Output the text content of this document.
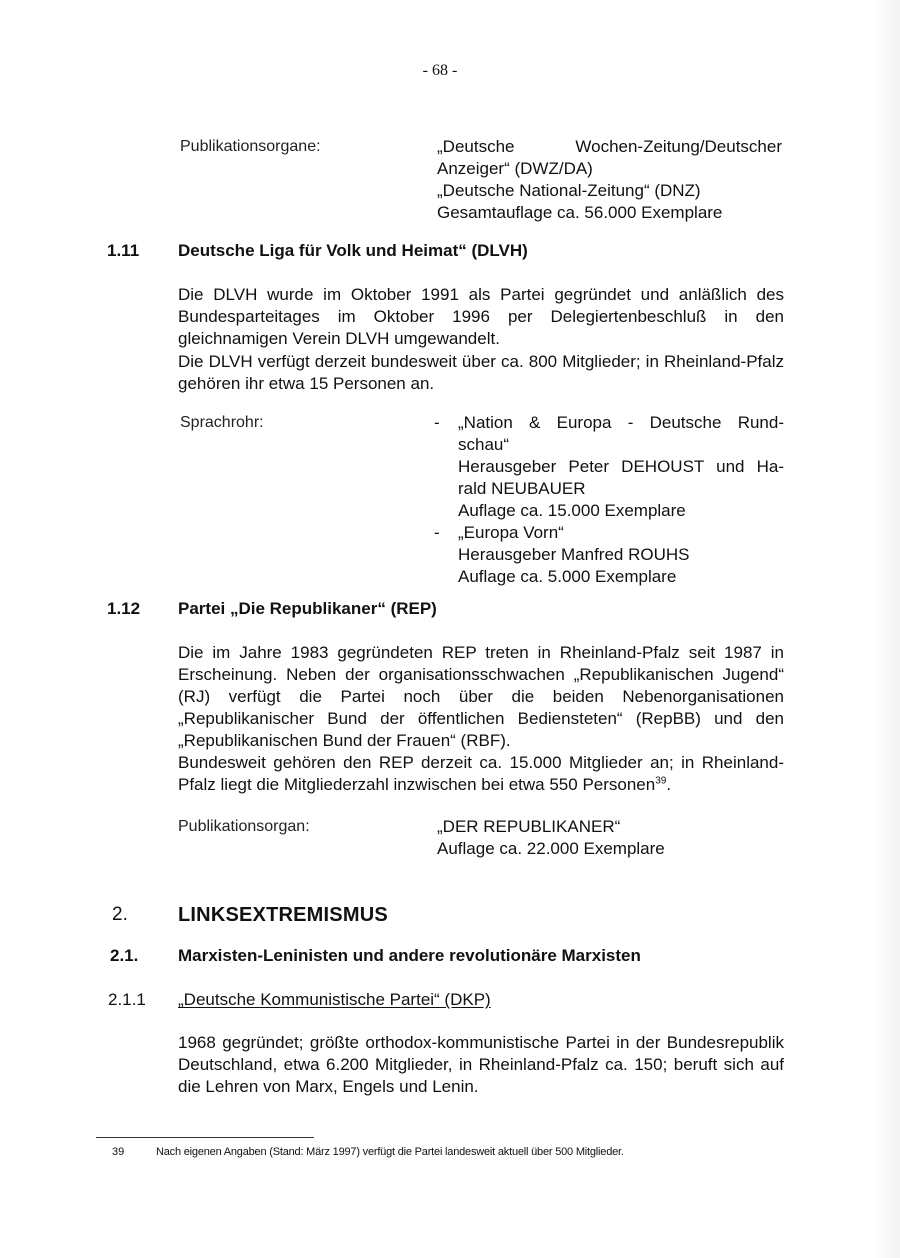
- 68 -
Publikationsorgane:	„Deutsche	Wochen-Zeitung/Deutscher
Anzeiger“ (DWZ/DA)
„Deutsche National-Zeitung“ (DNZ)
Gesamtauflage ca. 56.000 Exemplare
1.11 Deutsche Liga für Volk und Heimat“ (DLVH)
Die DLVH wurde im Oktober 1991 als Partei gegründet und anläßlich des Bundesparteitages im Oktober 1996 per Delegiertenbeschluß in den gleichnamigen Verein DLVH umgewandelt.
Die DLVH verfügt derzeit bundesweit über ca. 800 Mitglieder; in Rheinland-Pfalz gehören ihr etwa 15 Personen an.
Sprachrohr:	- „Nation & Europa - Deutsche Rund-
schau“
Herausgeber Peter DEHOUST und Ha-
rald NEUBAUER
Auflage ca. 15.000 Exemplare
- „Europa Vorn“
Herausgeber Manfred ROUHS
Auflage ca. 5.000 Exemplare
1.12 Partei „Die Republikaner“ (REP)
Die im Jahre 1983 gegründeten REP treten in Rheinland-Pfalz seit 1987 in Erscheinung. Neben der organisationsschwachen „Republikanischen Jugend“ (RJ) verfügt die Partei noch über die beiden Nebenorganisationen „Republikanischer Bund der öffentlichen Bediensteten“ (RepBB) und den „Republikanischen Bund der Frauen“ (RBF).
Bundesweit gehören den REP derzeit ca. 15.000 Mitglieder an; in Rheinland-Pfalz liegt die Mitgliederzahl inzwischen bei etwa 550 Personen$^{39}$.
Publikationsorgan:	„DER REPUBLIKANER“
Auflage ca. 22.000 Exemplare
2.	LINKSEXTREMISMUS
2.1. Marxisten-Leninisten und andere revolutionäre Marxisten
2.1.1 „Deutsche Kommunistische Partei“ (DKP)
1968 gegründet; größte orthodox-kommunistische Partei in der Bundesrepublik Deutschland, etwa 6.200 Mitglieder, in Rheinland-Pfalz ca. 150; beruft sich auf die Lehren von Marx, Engels und Lenin.
39	Nach eigenen Angaben (Stand: März 1997) verfügt die Partei landesweit aktuell über 500 Mitglieder.
